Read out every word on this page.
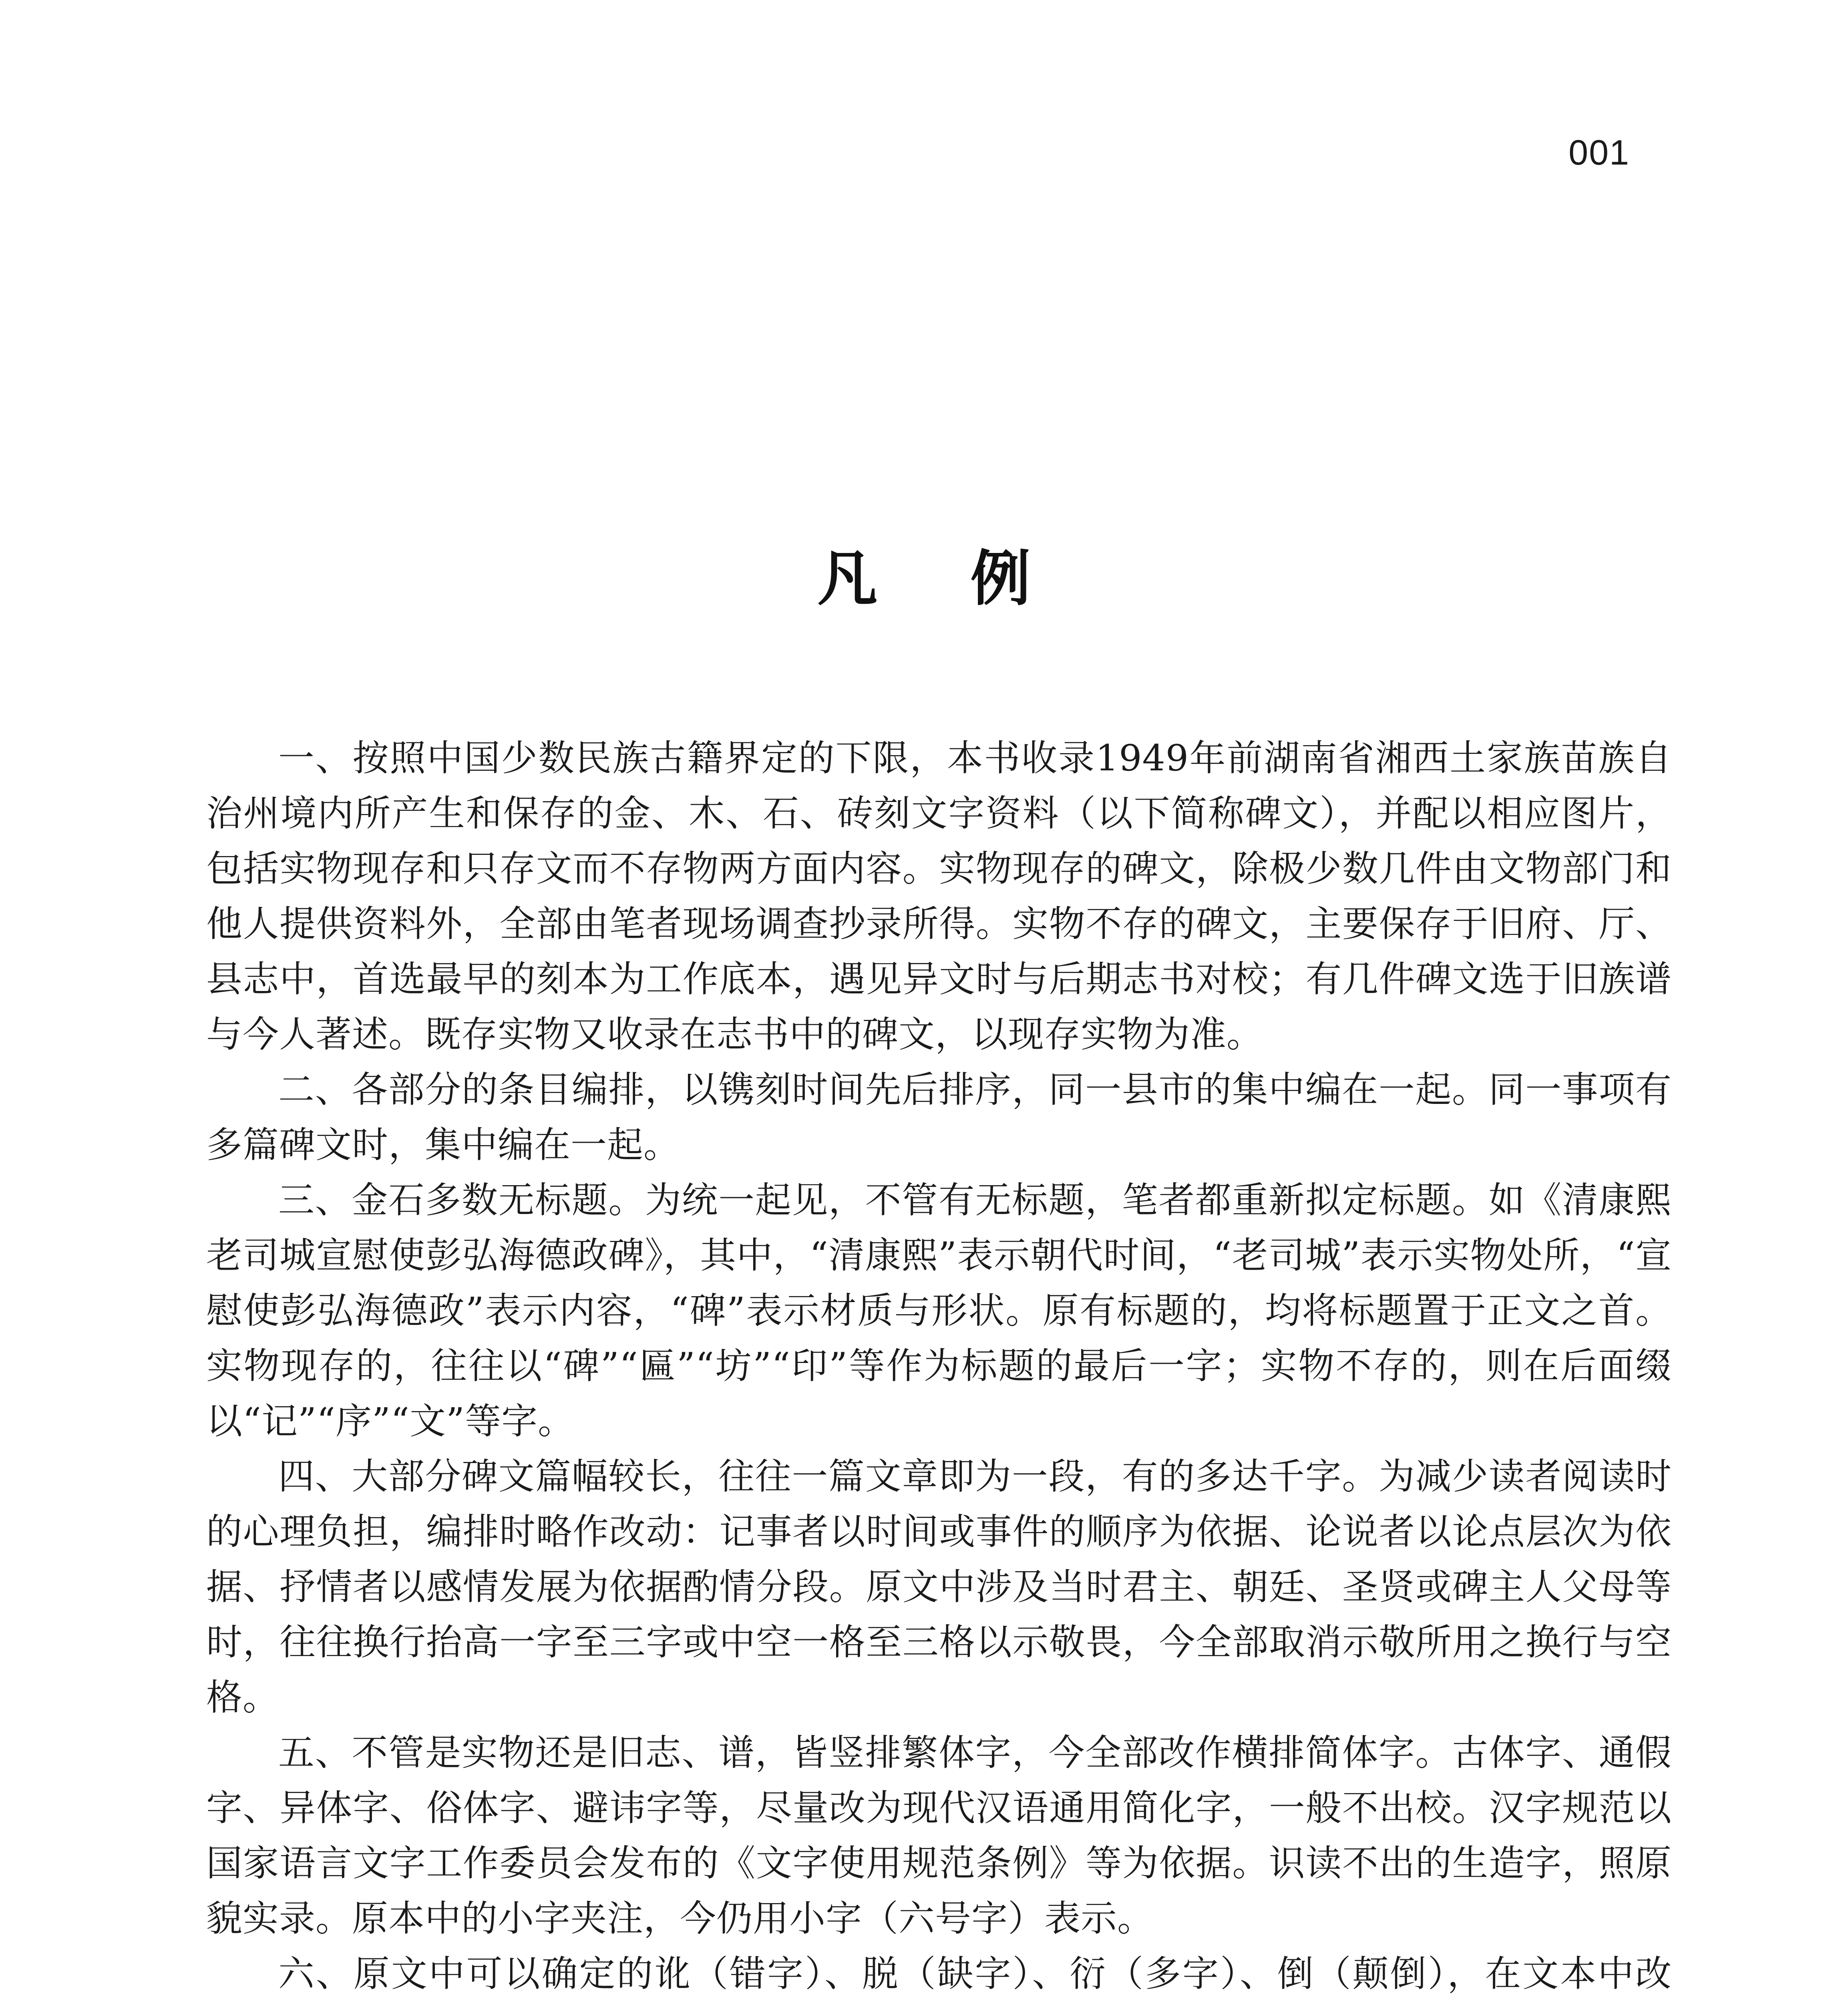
001
凡 例

一、按照中国少数民族古籍界定的下限，本书收录1949年前湖南省湘西土家族苗族自治州境内所产生和保存的金、木、石、砖刻文字资料（以下简称碑文），并配以相应图片，包括实物现存和只存文而不存物两方面内容。实物现存的碑文，除极少数几件由文物部门和他人提供资料外，全部由笔者现场调查抄录所得。实物不存的碑文，主要保存于旧府、厅、县志中，首选最早的刻本为工作底本，遇见异文时与后期志书对校；有几件碑文选于旧族谱与今人著述。既存实物又收录在志书中的碑文，以现存实物为准。

二、各部分的条目编排，以镌刻时间先后排序，同一县市的集中编在一起。同一事项有多篇碑文时，集中编在一起。

三、金石多数无标题。为统一起见，不管有无标题，笔者都重新拟定标题。如《清康熙老司城宣慰使彭弘海德政碑》，其中，“清康熙”表示朝代时间，“老司城”表示实物处所，“宣慰使彭弘海德政”表示内容，“碑”表示材质与形状。原有标题的，均将标题置于正文之首。实物现存的，往往以“碑”“匾”“坊”“印”等作为标题的最后一字；实物不存的，则在后面缀以“记”“序”“文”等字。

四、大部分碑文篇幅较长，往往一篇文章即为一段，有的多达千字。为减少读者阅读时的心理负担，编排时略作改动：记事者以时间或事件的顺序为依据、论说者以论点层次为依据、抒情者以感情发展为依据酌情分段。原文中涉及当时君主、朝廷、圣贤或碑主人父母等时，往往换行抬高一字至三字或中空一格至三格以示敬畏，今全部取消示敬所用之换行与空格。

五、不管是实物还是旧志、谱，皆竖排繁体字，今全部改作横排简体字。古体字、通假字、异体字、俗体字、避讳字等，尽量改为现代汉语通用简化字，一般不出校。汉字规范以国家语言文字工作委员会发布的《文字使用规范条例》等为依据。识读不出的生造字，照原貌实录。原本中的小字夹注，今仍用小字（六号字）表示。

六、原文中可以确定的讹（错字）、脱（缺字）、衍（多字）、倒（颠倒），在文本中改
